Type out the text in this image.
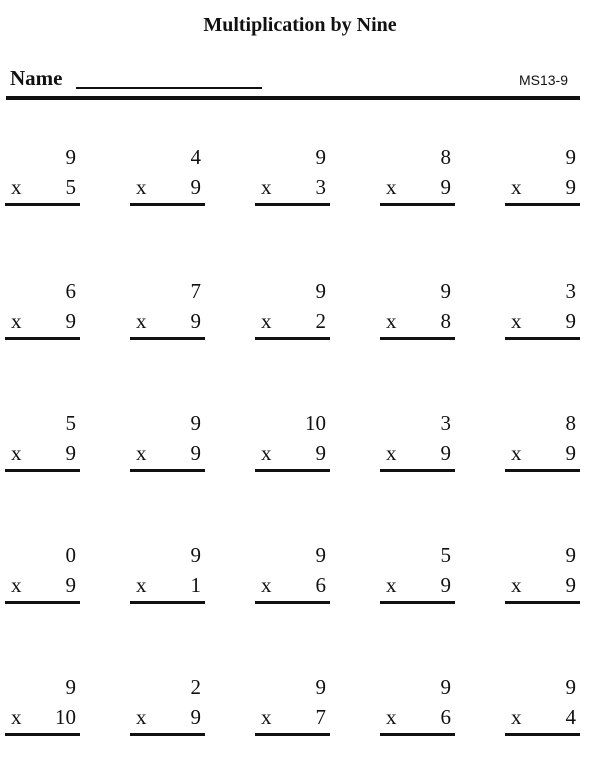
Multiplication by Nine
Name	MS13-9
9
x 5
4
x 9
9
x 3
8
x 9
9
x 9
6
x 9
7
x 9
9
x 2
9
x 8
3
x 9
5
x 9
9
x 9
10
x 9
3
x 9
8
x 9
0
x 9
9
x 1
9
x 6
5
x 9
9
x 9
9
x 10
2
x 9
9
x 7
9
x 6
9
x 4
